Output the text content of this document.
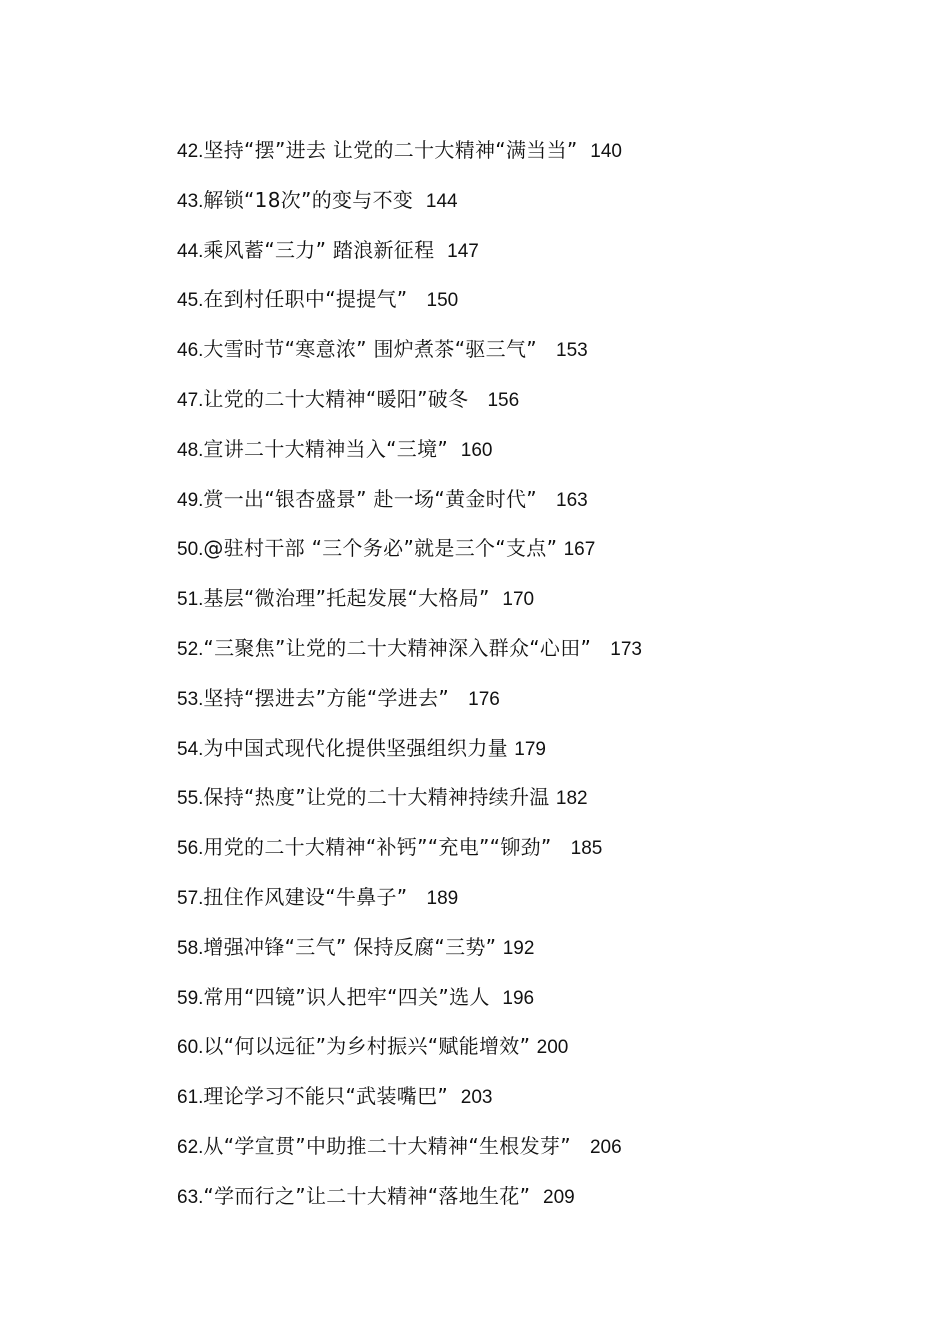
42.坚持“摆”进去 让党的二十大精神“满当当” 140
43.解锁“18次”的变与不变 144
44.乘风蓄“三力” 踏浪新征程 147
45.在到村任职中“提提气” 150
46.大雪时节“寒意浓” 围炉煮茶“驱三气” 153
47.让党的二十大精神“暖阳”破冬 156
48.宣讲二十大精神当入“三境” 160
49.赏一出“银杏盛景” 赴一场“黄金时代” 163
50.@驻村干部 “三个务必”就是三个“支点” 167
51.基层“微治理”托起发展“大格局” 170
52.“三聚焦”让党的二十大精神深入群众“心田” 173
53.坚持“摆进去”方能“学进去” 176
54.为中国式现代化提供坚强组织力量 179
55.保持“热度”让党的二十大精神持续升温 182
56.用党的二十大精神“补钙”“充电”“铆劲” 185
57.扭住作风建设“牛鼻子” 189
58.增强冲锋“三气” 保持反腐“三势” 192
59.常用“四镜”识人把牢“四关”选人 196
60.以“何以远征”为乡村振兴“赋能增效” 200
61.理论学习不能只“武装嘴巴” 203
62.从“学宣贯”中助推二十大精神“生根发芽” 206
63.“学而行之”让二十大精神“落地生花” 209
